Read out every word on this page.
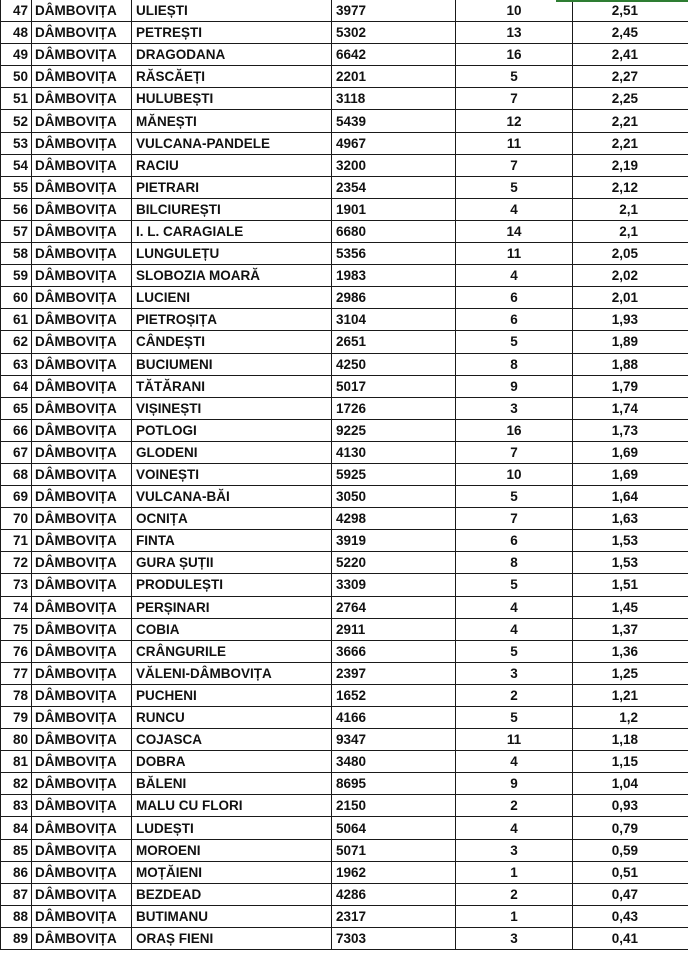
47	DÂMBOVIȚA	ULIEȘTI	3977	10	2,51
48	DÂMBOVIȚA	PETREȘTI	5302	13	2,45
49	DÂMBOVIȚA	DRAGODANA	6642	16	2,41
50	DÂMBOVIȚA	RĂSCĂEȚI	2201	5	2,27
51	DÂMBOVIȚA	HULUBEȘTI	3118	7	2,25
52	DÂMBOVIȚA	MĂNEȘTI	5439	12	2,21
53	DÂMBOVIȚA	VULCANA-PANDELE	4967	11	2,21
54	DÂMBOVIȚA	RACIU	3200	7	2,19
55	DÂMBOVIȚA	PIETRARI	2354	5	2,12
56	DÂMBOVIȚA	BILCIUREȘTI	1901	4	2,1
57	DÂMBOVIȚA	I. L. CARAGIALE	6680	14	2,1
58	DÂMBOVIȚA	LUNGULEȚU	5356	11	2,05
59	DÂMBOVIȚA	SLOBOZIA MOARĂ	1983	4	2,02
60	DÂMBOVIȚA	LUCIENI	2986	6	2,01
61	DÂMBOVIȚA	PIETROȘIȚA	3104	6	1,93
62	DÂMBOVIȚA	CÂNDEȘTI	2651	5	1,89
63	DÂMBOVIȚA	BUCIUMENI	4250	8	1,88
64	DÂMBOVIȚA	TĂTĂRANI	5017	9	1,79
65	DÂMBOVIȚA	VIȘINEȘTI	1726	3	1,74
66	DÂMBOVIȚA	POTLOGI	9225	16	1,73
67	DÂMBOVIȚA	GLODENI	4130	7	1,69
68	DÂMBOVIȚA	VOINEȘTI	5925	10	1,69
69	DÂMBOVIȚA	VULCANA-BĂI	3050	5	1,64
70	DÂMBOVIȚA	OCNIȚA	4298	7	1,63
71	DÂMBOVIȚA	FINTA	3919	6	1,53
72	DÂMBOVIȚA	GURA ȘUȚII	5220	8	1,53
73	DÂMBOVIȚA	PRODULEȘTI	3309	5	1,51
74	DÂMBOVIȚA	PERȘINARI	2764	4	1,45
75	DÂMBOVIȚA	COBIA	2911	4	1,37
76	DÂMBOVIȚA	CRÂNGURILE	3666	5	1,36
77	DÂMBOVIȚA	VĂLENI-DÂMBOVIȚA	2397	3	1,25
78	DÂMBOVIȚA	PUCHENI	1652	2	1,21
79	DÂMBOVIȚA	RUNCU	4166	5	1,2
80	DÂMBOVIȚA	COJASCA	9347	11	1,18
81	DÂMBOVIȚA	DOBRA	3480	4	1,15
82	DÂMBOVIȚA	BĂLENI	8695	9	1,04
83	DÂMBOVIȚA	MALU CU FLORI	2150	2	0,93
84	DÂMBOVIȚA	LUDEȘTI	5064	4	0,79
85	DÂMBOVIȚA	MOROENI	5071	3	0,59
86	DÂMBOVIȚA	MOȚĂIENI	1962	1	0,51
87	DÂMBOVIȚA	BEZDEAD	4286	2	0,47
88	DÂMBOVIȚA	BUTIMANU	2317	1	0,43
89	DÂMBOVIȚA	ORAȘ FIENI	7303	3	0,41
